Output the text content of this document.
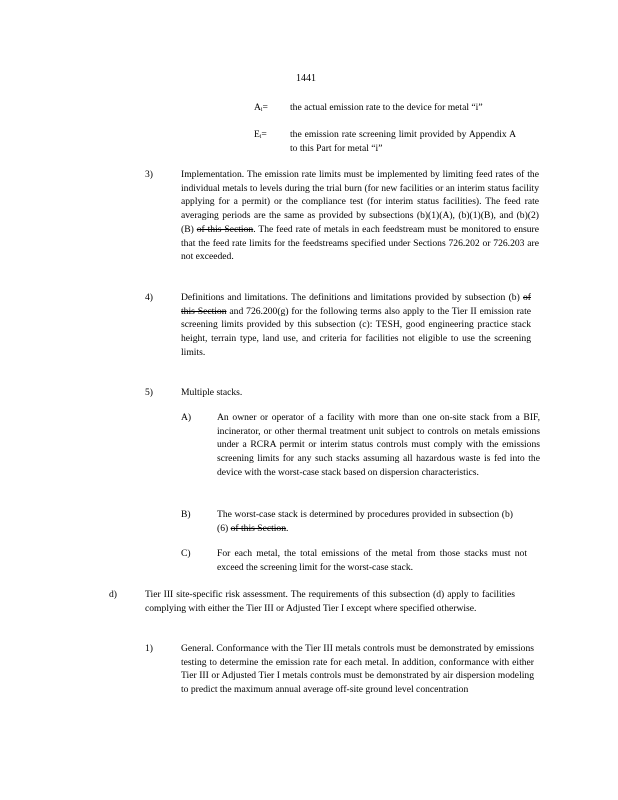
1441
Aᵢ= the actual emission rate to the device for metal “i”
Eᵢ= the emission rate screening limit provided by Appendix A to this Part for metal “i”
3)	Implementation. The emission rate limits must be implemented by limiting feed rates of the individual metals to levels during the trial burn (for new facilities or an interim status facility applying for a permit) or the compliance test (for interim status facilities). The feed rate averaging periods are the same as provided by subsections (b)(1)(A), (b)(1)(B), and (b)(2)(B) of this Section. The feed rate of metals in each feedstream must be monitored to ensure that the feed rate limits for the feedstreams specified under Sections 726.202 or 726.203 are not exceeded.
4)	Definitions and limitations. The definitions and limitations provided by subsection (b) of this Section and 726.200(g) for the following terms also apply to the Tier II emission rate screening limits provided by this subsection (c): TESH, good engineering practice stack height, terrain type, land use, and criteria for facilities not eligible to use the screening limits.
5)	Multiple stacks.
A)	An owner or operator of a facility with more than one on-site stack from a BIF, incinerator, or other thermal treatment unit subject to controls on metals emissions under a RCRA permit or interim status controls must comply with the emissions screening limits for any such stacks assuming all hazardous waste is fed into the device with the worst-case stack based on dispersion characteristics.
B)	The worst-case stack is determined by procedures provided in subsection (b)(6) of this Section.
C)	For each metal, the total emissions of the metal from those stacks must not exceed the screening limit for the worst-case stack.
d)	Tier III site-specific risk assessment. The requirements of this subsection (d) apply to facilities complying with either the Tier III or Adjusted Tier I except where specified otherwise.
1)	General. Conformance with the Tier III metals controls must be demonstrated by emissions testing to determine the emission rate for each metal. In addition, conformance with either Tier III or Adjusted Tier I metals controls must be demonstrated by air dispersion modeling to predict the maximum annual average off-site ground level concentration
